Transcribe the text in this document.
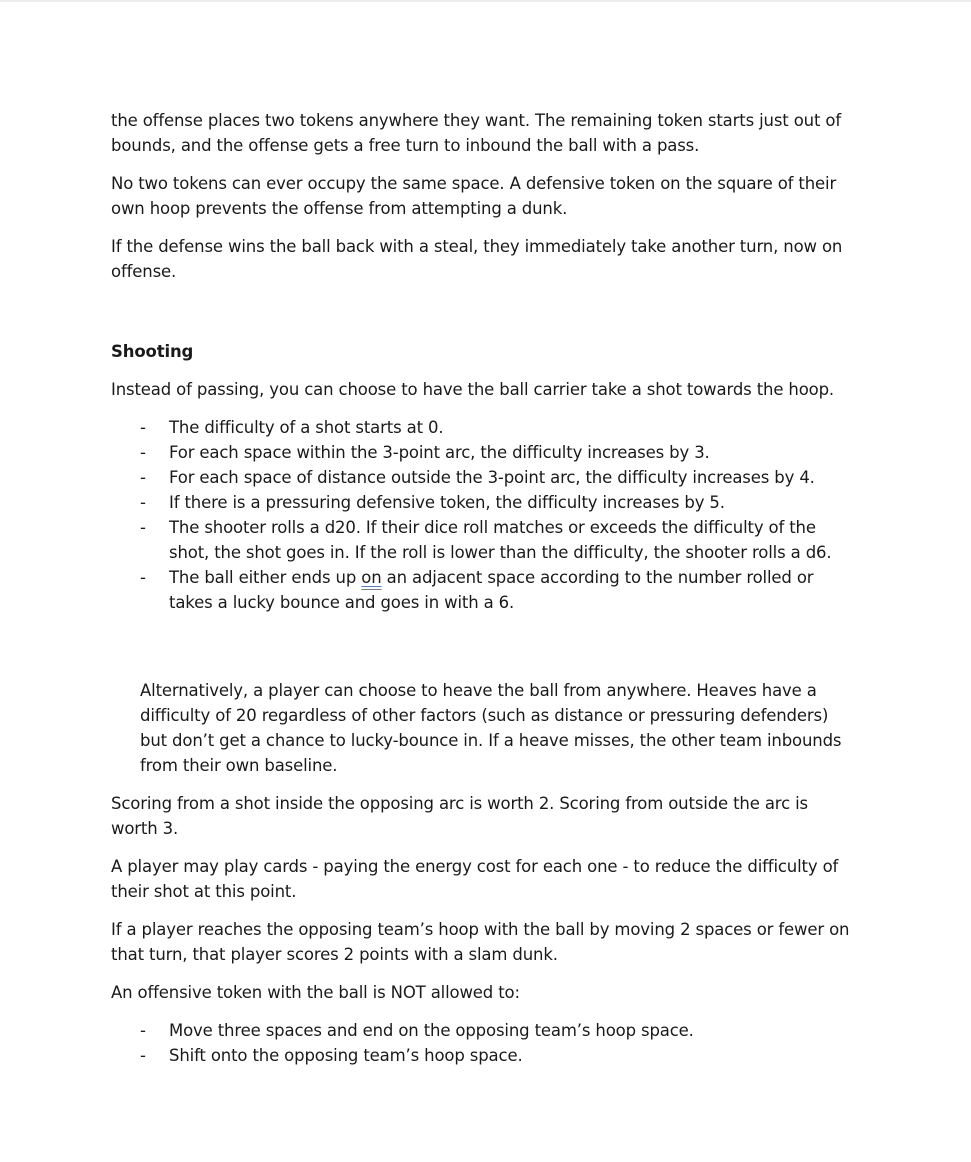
the offense places two tokens anywhere they want. The remaining token starts just out of bounds, and the offense gets a free turn to inbound the ball with a pass.

No two tokens can ever occupy the same space. A defensive token on the square of their own hoop prevents the offense from attempting a dunk.

If the defense wins the ball back with a steal, they immediately take another turn, now on offense.

Shooting

Instead of passing, you can choose to have the ball carrier take a shot towards the hoop.

- The difficulty of a shot starts at 0.
- For each space within the 3-point arc, the difficulty increases by 3.
- For each space of distance outside the 3-point arc, the difficulty increases by 4.
- If there is a pressuring defensive token, the difficulty increases by 5.
- The shooter rolls a d20. If their dice roll matches or exceeds the difficulty of the shot, the shot goes in. If the roll is lower than the difficulty, the shooter rolls a d6.
- The ball either ends up on an adjacent space according to the number rolled or takes a lucky bounce and goes in with a 6.

Alternatively, a player can choose to heave the ball from anywhere. Heaves have a difficulty of 20 regardless of other factors (such as distance or pressuring defenders) but don’t get a chance to lucky-bounce in. If a heave misses, the other team inbounds from their own baseline.

Scoring from a shot inside the opposing arc is worth 2. Scoring from outside the arc is worth 3.

A player may play cards - paying the energy cost for each one - to reduce the difficulty of their shot at this point.

If a player reaches the opposing team’s hoop with the ball by moving 2 spaces or fewer on that turn, that player scores 2 points with a slam dunk.

An offensive token with the ball is NOT allowed to:

- Move three spaces and end on the opposing team’s hoop space.
- Shift onto the opposing team’s hoop space.
